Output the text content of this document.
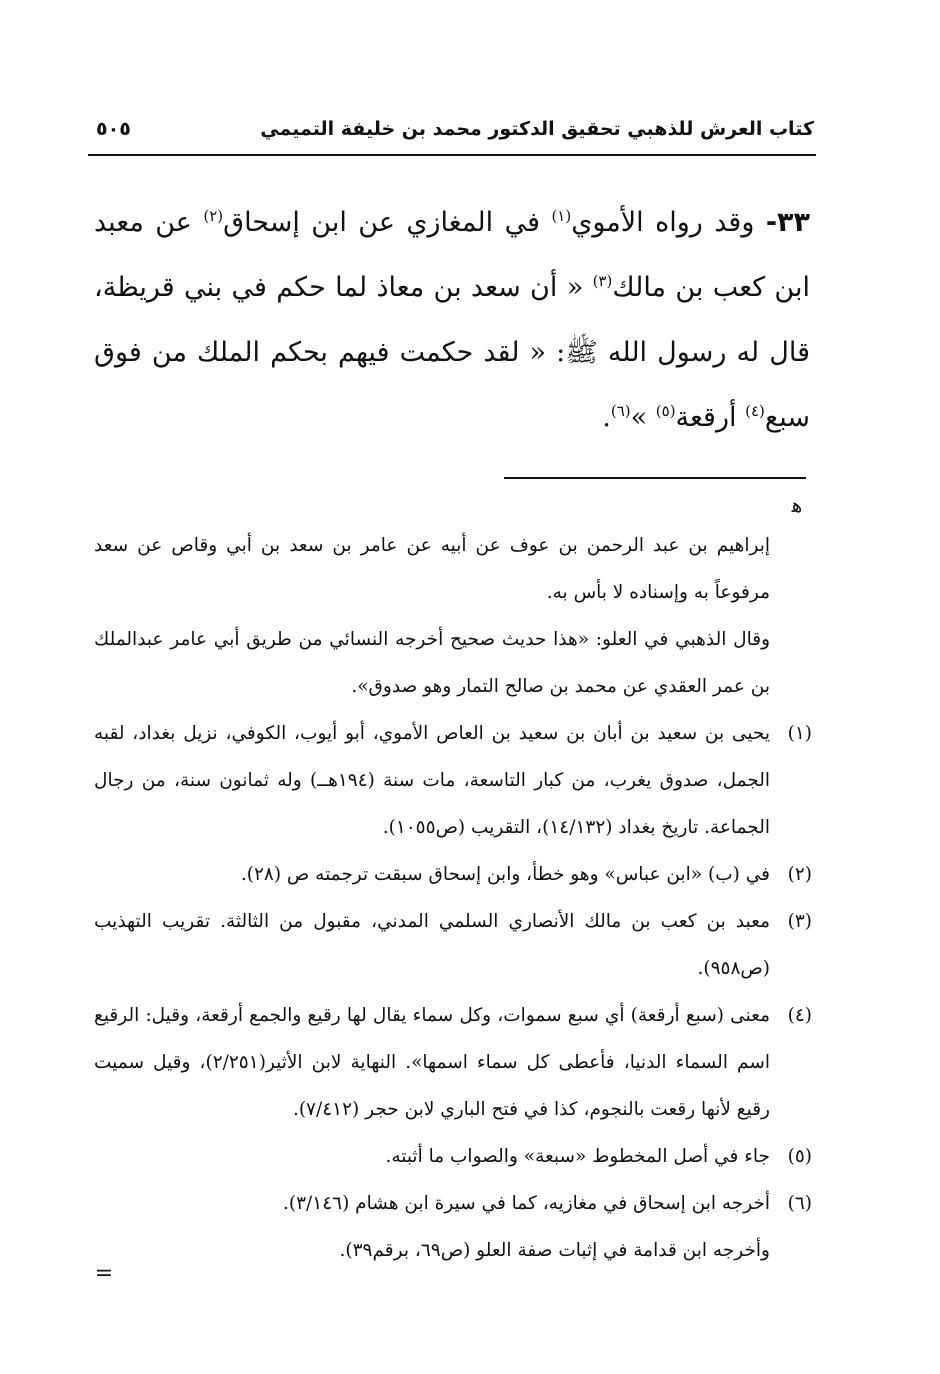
كتاب العرش للذهبي تحقيق الدكتور محمد بن خليفة التميمي
٥٠٥

٣٣- وقد رواه الأموي$^{(١)}$ في المغازي عن ابن إسحاق$^{(٢)}$ عن معبد ابن كعب بن مالك$^{(٣)}$ « أن سعد بن معاذ لما حكم في بني قريظة، قال له رسول الله ﷺ: « لقد حكمت فيهم بحكم الملك من فوق سبع$^{(٤)}$ أرقعة$^{(٥)}$ »$^{(٦)}$.

ﻫ

إبراهيم بن عبد الرحمن بن عوف عن أبيه عن عامر بن سعد بن أبي وقاص عن سعد مرفوعاً به وإسناده لا بأس به.

وقال الذهبي في العلو: «هذا حديث صحيح أخرجه النسائي من طريق أبي عامر عبدالملك بن عمر العقدي عن محمد بن صالح التمار وهو صدوق».

(١)
يحيى بن سعيد بن أبان بن سعيد بن العاص الأموي، أبو أيوب، الكوفي، نزيل بغداد، لقبه الجمل، صدوق يغرب، من كبار التاسعة، مات سنة (١٩٤هــ) وله ثمانون سنة، من رجال الجماعة. تاريخ بغداد (١٤/١٣٢)، التقريب (ص١٠٥٥).

(٢)
في (ب) «ابن عباس» وهو خطأ، وابن إسحاق سبقت ترجمته ص (٢٨).

(٣)
معبد بن كعب بن مالك الأنصاري السلمي المدني، مقبول من الثالثة. تقريب التهذيب (ص٩٥٨).

(٤)
معنى (سبع أرقعة) أي سبع سموات، وكل سماء يقال لها رقيع والجمع أرقعة، وقيل: الرقيع اسم السماء الدنيا، فأعطى كل سماء اسمها». النهاية لابن الأثير(٢/٢٥١)، وقيل سميت رقيع لأنها رقعت بالنجوم، كذا في فتح الباري لابن حجر (٧/٤١٢).

(٥)
جاء في أصل المخطوط «سبعة» والصواب ما أثبته.

(٦)
أخرجه ابن إسحاق في مغازيه، كما في سيرة ابن هشام (٣/١٤٦).

وأخرجه ابن قدامة في إثبات صفة العلو (ص٦٩، برقم٣٩).

=
